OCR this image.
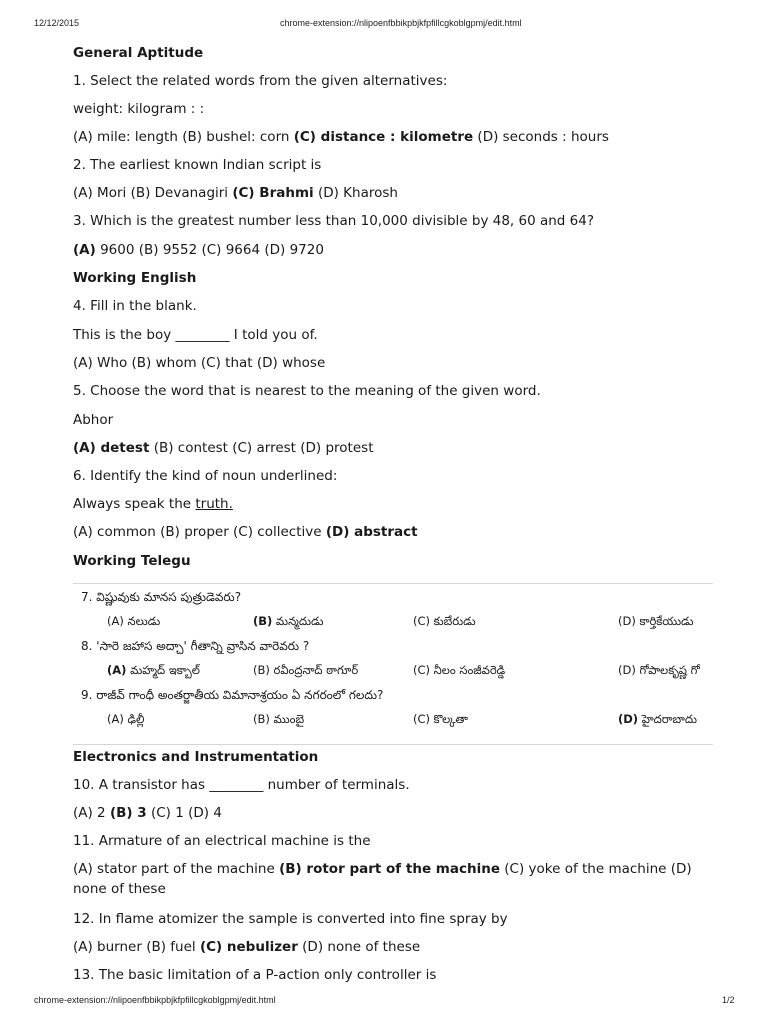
12/12/2015	chrome-extension://nlipoenfbbikpbjkfpfillcgkoblgpmj/edit.html
General Aptitude
1. Select the related words from the given alternatives:
weight: kilogram : :
(A) mile: length (B) bushel: corn (C) distance : kilometre (D) seconds : hours
2. The earliest known Indian script is
(A) Mori (B) Devanagiri (C) Brahmi (D) Kharosh
3. Which is the greatest number less than 10,000 divisible by 48, 60 and 64?
(A) 9600 (B) 9552 (C) 9664 (D) 9720
Working English
4. Fill in the blank.
This is the boy ________ I told you of.
(A) Who (B) whom (C) that (D) whose
5. Choose the word that is nearest to the meaning of the given word.
Abhor
(A) detest (B) contest (C) arrest (D) protest
6. Identify the kind of noun underlined:
Always speak the truth.
(A) common (B) proper (C) collective (D) abstract
Working Telegu
7. విష్ణువుకు మానస పుత్రుడెవరు?
(A) నలుడు	(B) మన్మదుడు	(C) కుబేరుడు	(D) కార్తికేయుడు
8. 'సారె జహాస అద్చా' గీతాన్ని వ్రాసిన వారెవరు ?
(A) మహ్మద్ ఇక్బాల్	(B) రవీంద్రనాద్ ఠాగూర్	(C) నీలం సంజీవరెడ్డి	(D) గోపాలకృష్ణ గో
9. రాజీవ్ గాంధీ అంతర్జాతీయ విమానాశ్రయం ఏ నగరంలో గలదు?
(A) ఢిల్లీ	(B) ముంబై	(C) కొల్కతా	(D) హైదరాబాదు
Electronics and Instrumentation
10. A transistor has ________ number of terminals.
(A) 2 (B) 3 (C) 1 (D) 4
11. Armature of an electrical machine is the
(A) stator part of the machine (B) rotor part of the machine (C) yoke of the machine (D) none of these
12. In flame atomizer the sample is converted into fine spray by
(A) burner (B) fuel (C) nebulizer (D) none of these
13. The basic limitation of a P-action only controller is
chrome-extension://nlipoenfbbikpbjkfpfillcgkoblgpmj/edit.html	1/2
